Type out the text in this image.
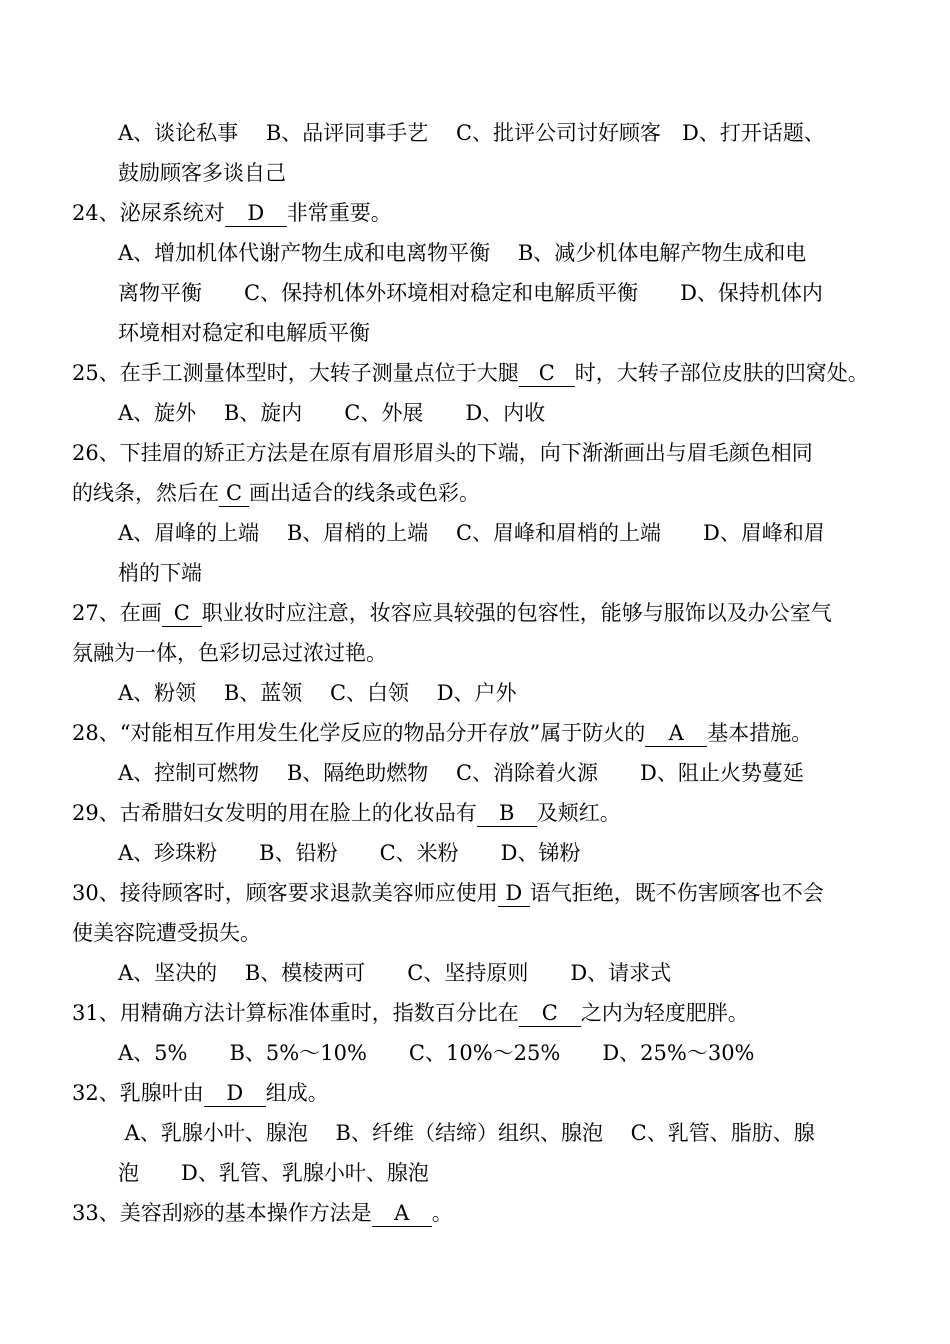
A、谈论私事　 B、品评同事手艺　 C、批评公司讨好顾客　D、打开话题、
鼓励顾客多谈自己
24、泌尿系统对 D 非常重要。
A、增加机体代谢产物生成和电离物平衡　 B、减少机体电解产物生成和电
离物平衡　　C、保持机体外环境相对稳定和电解质平衡　　D、保持机体内
环境相对稳定和电解质平衡
25、在手工测量体型时，大转子测量点位于大腿 C 时，大转子部位皮肤的凹窝处。
A、旋外　 B、旋内　　C、外展　　D、内收
26、下挂眉的矫正方法是在原有眉形眉头的下端，向下渐渐画出与眉毛颜色相同
的线条，然后在 C 画出适合的线条或色彩。
A、眉峰的上端　 B、眉梢的上端　 C、眉峰和眉梢的上端　　D、眉峰和眉
梢的下端
27、在画 C 职业妆时应注意，妆容应具较强的包容性，能够与服饰以及办公室气
氛融为一体，色彩切忌过浓过艳。
A、粉领　 B、蓝领　 C、白领　 D、户外
28、“对能相互作用发生化学反应的物品分开存放”属于防火的 A 基本措施。
A、控制可燃物　 B、隔绝助燃物　 C、消除着火源　　D、阻止火势蔓延
29、古希腊妇女发明的用在脸上的化妆品有 B 及颊红。
A、珍珠粉　　B、铅粉　　C、米粉　　D、锑粉
30、接待顾客时，顾客要求退款美容师应使用 D 语气拒绝，既不伤害顾客也不会
使美容院遭受损失。
A、坚决的　 B、模棱两可　　C、坚持原则　　D、请求式
31、用精确方法计算标准体重时，指数百分比在 C 之内为轻度肥胖。
A、5%　　B、5%～10%　　C、10%～25%　　D、25%～30%
32、乳腺叶由 D 组成。
A、乳腺小叶、腺泡　 B、纤维（结缔）组织、腺泡　 C、乳管、脂肪、腺
泡　　D、乳管、乳腺小叶、腺泡
33、美容刮痧的基本操作方法是 A 。
